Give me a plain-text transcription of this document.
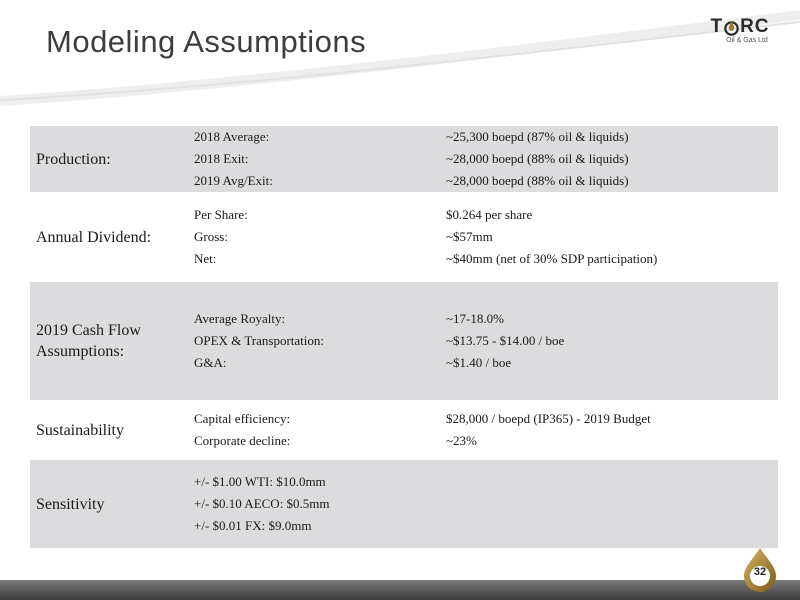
Modeling Assumptions	T RC
Oil & Gas Ltd
Production:
2018 Average:	~25,300 boepd (87% oil & liquids)
2018 Exit:	~28,000 boepd (88% oil & liquids)
2019 Avg/Exit:	~28,000 boepd (88% oil & liquids)
Annual Dividend:
Per Share:	$0.264 per share
Gross:	~$57mm
Net:	~$40mm (net of 30% SDP participation)
2019 Cash Flow Assumptions:
Average Royalty:	~17-18.0%
OPEX & Transportation:	~$13.75 - $14.00 / boe
G&A:	~$1.40 / boe
Sustainability
Capital efficiency:	$28,000 / boepd (IP365) - 2019 Budget
Corporate decline:	~23%
Sensitivity
+/- $1.00 WTI: $10.0mm
+/- $0.10 AECO: $0.5mm
+/- $0.01 FX: $9.0mm
32
